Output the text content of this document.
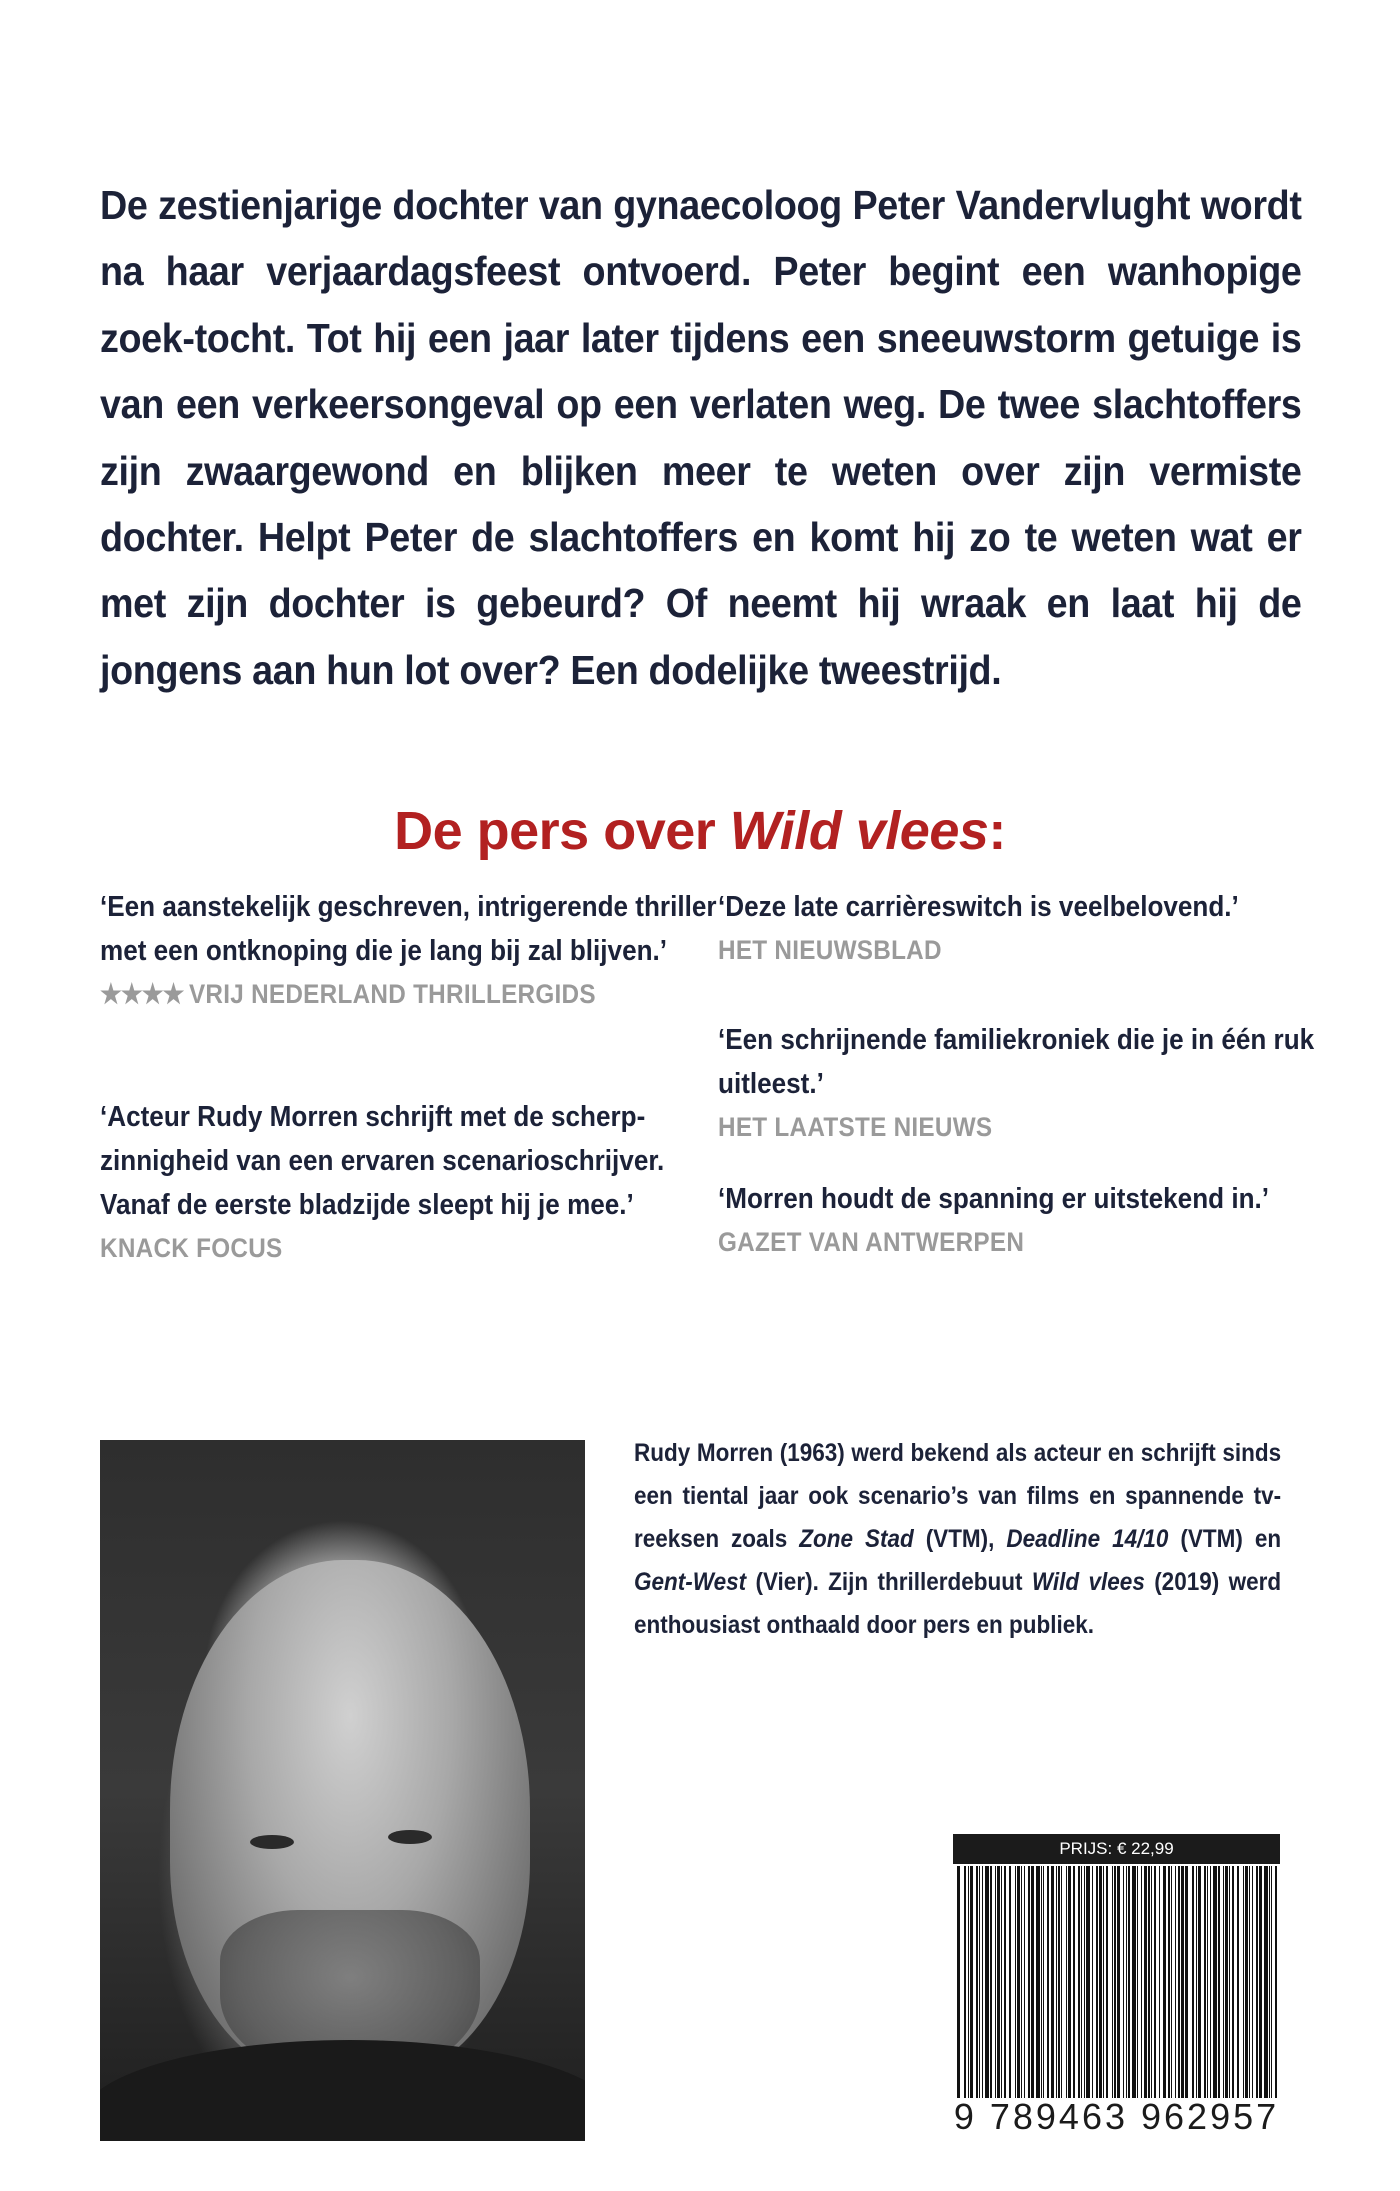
De zestienjarige dochter van gynaecoloog Peter Vandervlught wordt na haar verjaardagsfeest ontvoerd. Peter begint een wanhopige zoek-tocht. Tot hij een jaar later tijdens een sneeuwstorm getuige is van een verkeersongeval op een verlaten weg. De twee slachtoffers zijn zwaargewond en blijken meer te weten over zijn vermiste dochter. Helpt Peter de slachtoffers en komt hij zo te weten wat er met zijn dochter is gebeurd? Of neemt hij wraak en laat hij de jongens aan hun lot over? Een dodelijke tweestrijd.
De pers over Wild vlees:
‘Een aanstekelijk geschreven, intrigerende thriller met een ontknoping die je lang bij zal blijven.’
★★★★ VRIJ NEDERLAND THRILLERGIDS
‘Acteur Rudy Morren schrijft met de scherp-zinnigheid van een ervaren scenarioschrijver. Vanaf de eerste bladzijde sleept hij je mee.’
KNACK FOCUS
‘Deze late carrièreswitch is veelbelovend.’
HET NIEUWSBLAD
‘Een schrijnende familiekroniek die je in één ruk uitleest.’
HET LAATSTE NIEUWS
‘Morren houdt de spanning er uitstekend in.’
GAZET VAN ANTWERPEN
Rudy Morren (1963) werd bekend als acteur en schrijft sinds een tiental jaar ook scenario’s van films en spannende tv-reeksen zoals Zone Stad (VTM), Deadline 14/10 (VTM) en Gent-West (Vier). Zijn thrillerdebuut Wild vlees (2019) werd enthousiast onthaald door pers en publiek.
PRIJS: € 22,99
9 789463 962957
